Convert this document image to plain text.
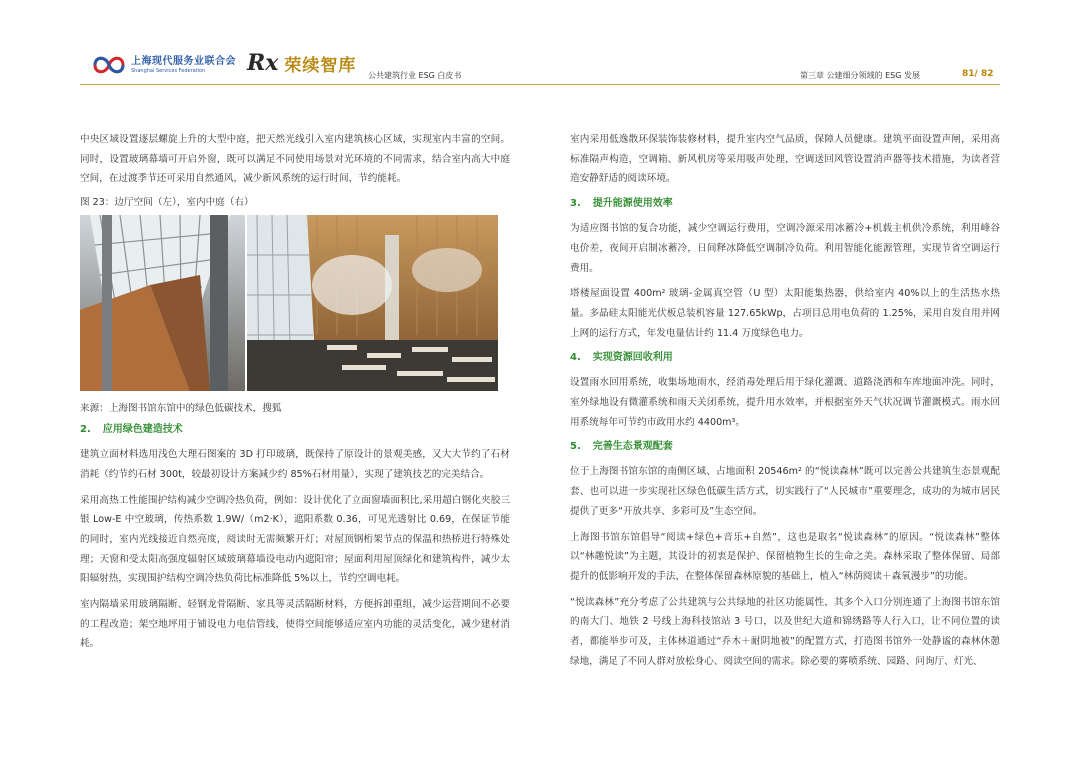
上海现代服务业联合会
Shanghai Services Federation	Rx 荣续智库 公共建筑行业 ESG 白皮书	第三章 公建细分领域的 ESG 发展	81/ 82

中央区域设置逐层螺旋上升的大型中庭，把天然光线引入室内建筑核心区域，实现室内丰富的空间。同时，设置玻璃幕墙可开启外窗，既可以满足不同使用场景对光环境的不同需求，结合室内高大中庭空间，在过渡季节还可采用自然通风，减少新风系统的运行时间，节约能耗。

图 23：边厅空间（左），室内中庭（右）

来源：上海图书馆东馆中的绿色低碳技术，搜狐

2. 应用绿色建造技术

建筑立面材料选用浅色大理石图案的 3D 打印玻璃，既保持了原设计的景观美感，又大大节约了石材消耗（约节约石材 300t，较最初设计方案减少约 85%石材用量），实现了建筑技艺的完美结合。

采用高热工性能围护结构减少空调冷热负荷，例如：设计优化了立面窗墙面积比,采用超白钢化夹胶三银 Low-E 中空玻璃，传热系数 1.9W/（m2·K），遮阳系数 0.36，可见光透射比 0.69，在保证节能的同时，室内光线接近自然亮度，阅读时无需频繁开灯；对屋顶钢桁架节点的保温和热桥进行特殊处理；天窗和受太阳高强度辐射区域玻璃幕墙设电动内遮阳帘；屋面利用屋顶绿化和建筑构件，减少太阳辐射热，实现围护结构空调冷热负荷比标准降低 5%以上，节约空调电耗。

室内隔墙采用玻璃隔断、轻钢龙骨隔断、家具等灵活隔断材料，方便拆卸重组，减少运营期间不必要的工程改造；架空地坪用于铺设电力电信管线，使得空间能够适应室内功能的灵活变化，减少建材消耗。

室内采用低逸散环保装饰装修材料，提升室内空气品质，保障人员健康。建筑平面设置声闸，采用高标准隔声构造，空调箱、新风机房等采用吸声处理，空调送回风管设置消声器等技术措施，为读者营造安静舒适的阅读环境。

3. 提升能源使用效率

为适应图书馆的复合功能，减少空调运行费用，空调冷源采用冰蓄冷+机载主机供冷系统，利用峰谷电价差，夜间开启制冰蓄冷，日间释冰降低空调制冷负荷。利用智能化能源管理，实现节省空调运行费用。

塔楼屋面设置 400m² 玻璃-金属真空管（U 型）太阳能集热器，供给室内 40%以上的生活热水热量。多晶硅太阳能光伏板总装机容量 127.65kWp，占项目总用电负荷的 1.25%，采用自发自用并网上网的运行方式，年发电量估计约 11.4 万度绿色电力。

4. 实现资源回收利用

设置雨水回用系统，收集场地雨水，经消毒处理后用于绿化灌溉、道路浇洒和车库地面冲洗。同时，室外绿地设有微灌系统和雨天关闭系统，提升用水效率，并根据室外天气状况调节灌溉模式。雨水回用系统每年可节约市政用水约 4400m³。

5. 完善生态景观配套

位于上海图书馆东馆的南侧区域、占地面积 20546m² 的“悦读森林”既可以完善公共建筑生态景观配套、也可以进一步实现社区绿色低碳生活方式，切实践行了“人民城市”重要理念，成功的为城市居民提供了更多“开放共享、多彩可及”生态空间。

上海图书馆东馆倡导“阅读+绿色+音乐+自然”，这也是取名“悦读森林”的原因。“悦读森林”整体以“林趣悦读”为主题，其设计的初衷是保护、保留植物生长的生命之美。森林采取了整体保留、局部提升的低影响开发的手法，在整体保留森林原貌的基础上，植入“林荫阅读＋森氧漫步”的功能。

“悦读森林”充分考虑了公共建筑与公共绿地的社区功能属性，其多个入口分别连通了上海图书馆东馆的南大门、地铁 2 号线上海科技馆站 3 号口，以及世纪大道和锦绣路等人行入口，让不同位置的读者，都能举步可及，主体林道通过“乔木＋耐阴地被”的配置方式，打造图书馆外一处静谧的森林休憩绿地，满足了不同人群对放松身心、阅读空间的需求。除必要的雾喷系统、园路、问询厅、灯光、
